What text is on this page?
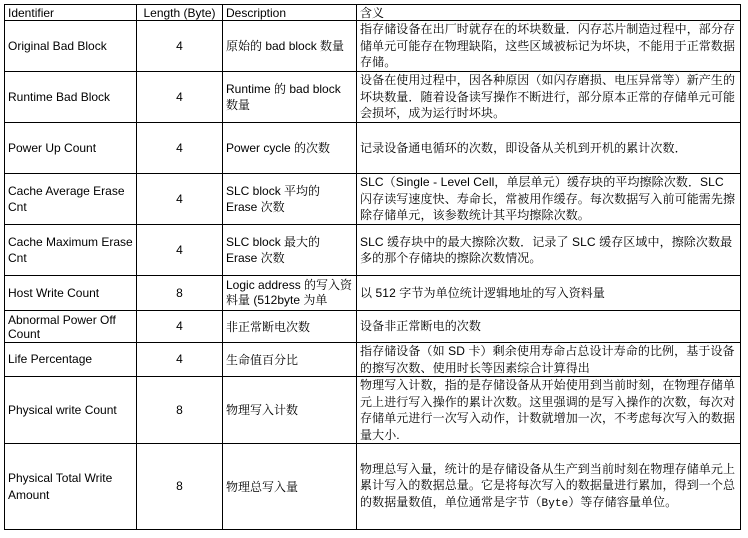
Identifier	Length (Byte)	Description	含义
Original Bad Block	4	原始的 bad block 数量	指存储设备在出厂时就存在的坏块数量．闪存芯片制造过程中，部分存储单元可能存在物理缺陷，这些区域被标记为坏块，不能用于正常数据存储。
Runtime Bad Block	4	Runtime 的 bad block 数量	设备在使用过程中，因各种原因（如闪存磨损、电压异常等）新产生的坏块数量．随着设备读写操作不断进行，部分原本正常的存储单元可能会损坏，成为运行时坏块。
Power Up Count	4	Power cycle 的次数	记录设备通电循环的次数，即设备从关机到开机的累计次数．
Cache Average Erase Cnt	4	SLC block 平均的 Erase 次数	SLC（Single - Level Cell，单层单元）缓存块的平均擦除次数．SLC 闪存读写速度快、寿命长，常被用作缓存。每次数据写入前可能需先擦除存储单元，该参数统计其平均擦除次数。
Cache Maximum Erase Cnt	4	SLC block 最大的 Erase 次数	SLC 缓存块中的最大擦除次数．记录了 SLC 缓存区域中，擦除次数最多的那个存储块的擦除次数情况。
Host Write Count	8	Logic address 的写入资料量 (512byte 为单	以 512 字节为单位统计逻辑地址的写入资料量
Abnormal Power Off Count	4	非正常断电次数	设备非正常断电的次数
Life Percentage	4	生命值百分比	指存储设备（如 SD 卡）剩余使用寿命占总设计寿命的比例，基于设备的擦写次数、使用时长等因素综合计算得出
Physical write Count	8	物理写入计数	物理写入计数，指的是存储设备从开始使用到当前时刻，在物理存储单元上进行写入操作的累计次数。这里强调的是写入操作的次数，每次对存储单元进行一次写入动作，计数就增加一次，不考虑每次写入的数据量大小.
Physical Total Write Amount	8	物理总写入量	物理总写入量，统计的是存储设备从生产到当前时刻在物理存储单元上累计写入的数据总量。它是将每次写入的数据量进行累加，得到一个总的数据量数值，单位通常是字节（Byte）等存储容量单位。
